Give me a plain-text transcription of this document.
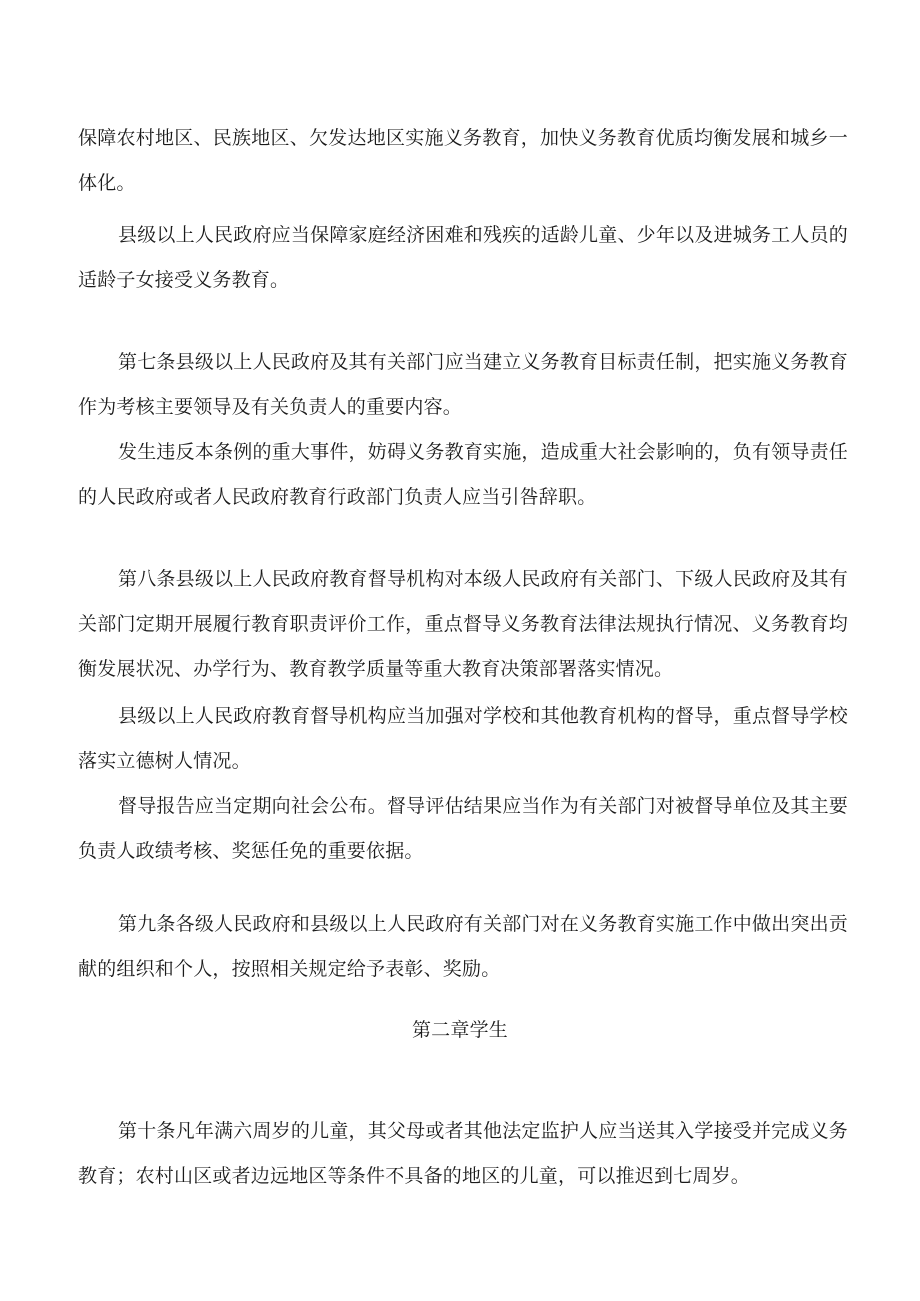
保障农村地区、民族地区、欠发达地区实施义务教育，加快义务教育优质均衡发展和城乡一体化。

县级以上人民政府应当保障家庭经济困难和残疾的适龄儿童、少年以及进城务工人员的适龄子女接受义务教育。

第七条县级以上人民政府及其有关部门应当建立义务教育目标责任制，把实施义务教育作为考核主要领导及有关负责人的重要内容。

发生违反本条例的重大事件，妨碍义务教育实施，造成重大社会影响的，负有领导责任的人民政府或者人民政府教育行政部门负责人应当引咎辞职。

第八条县级以上人民政府教育督导机构对本级人民政府有关部门、下级人民政府及其有关部门定期开展履行教育职责评价工作，重点督导义务教育法律法规执行情况、义务教育均衡发展状况、办学行为、教育教学质量等重大教育决策部署落实情况。

县级以上人民政府教育督导机构应当加强对学校和其他教育机构的督导，重点督导学校落实立德树人情况。

督导报告应当定期向社会公布。督导评估结果应当作为有关部门对被督导单位及其主要负责人政绩考核、奖惩任免的重要依据。

第九条各级人民政府和县级以上人民政府有关部门对在义务教育实施工作中做出突出贡献的组织和个人，按照相关规定给予表彰、奖励。

第二章学生

第十条凡年满六周岁的儿童，其父母或者其他法定监护人应当送其入学接受并完成义务教育；农村山区或者边远地区等条件不具备的地区的儿童，可以推迟到七周岁。
